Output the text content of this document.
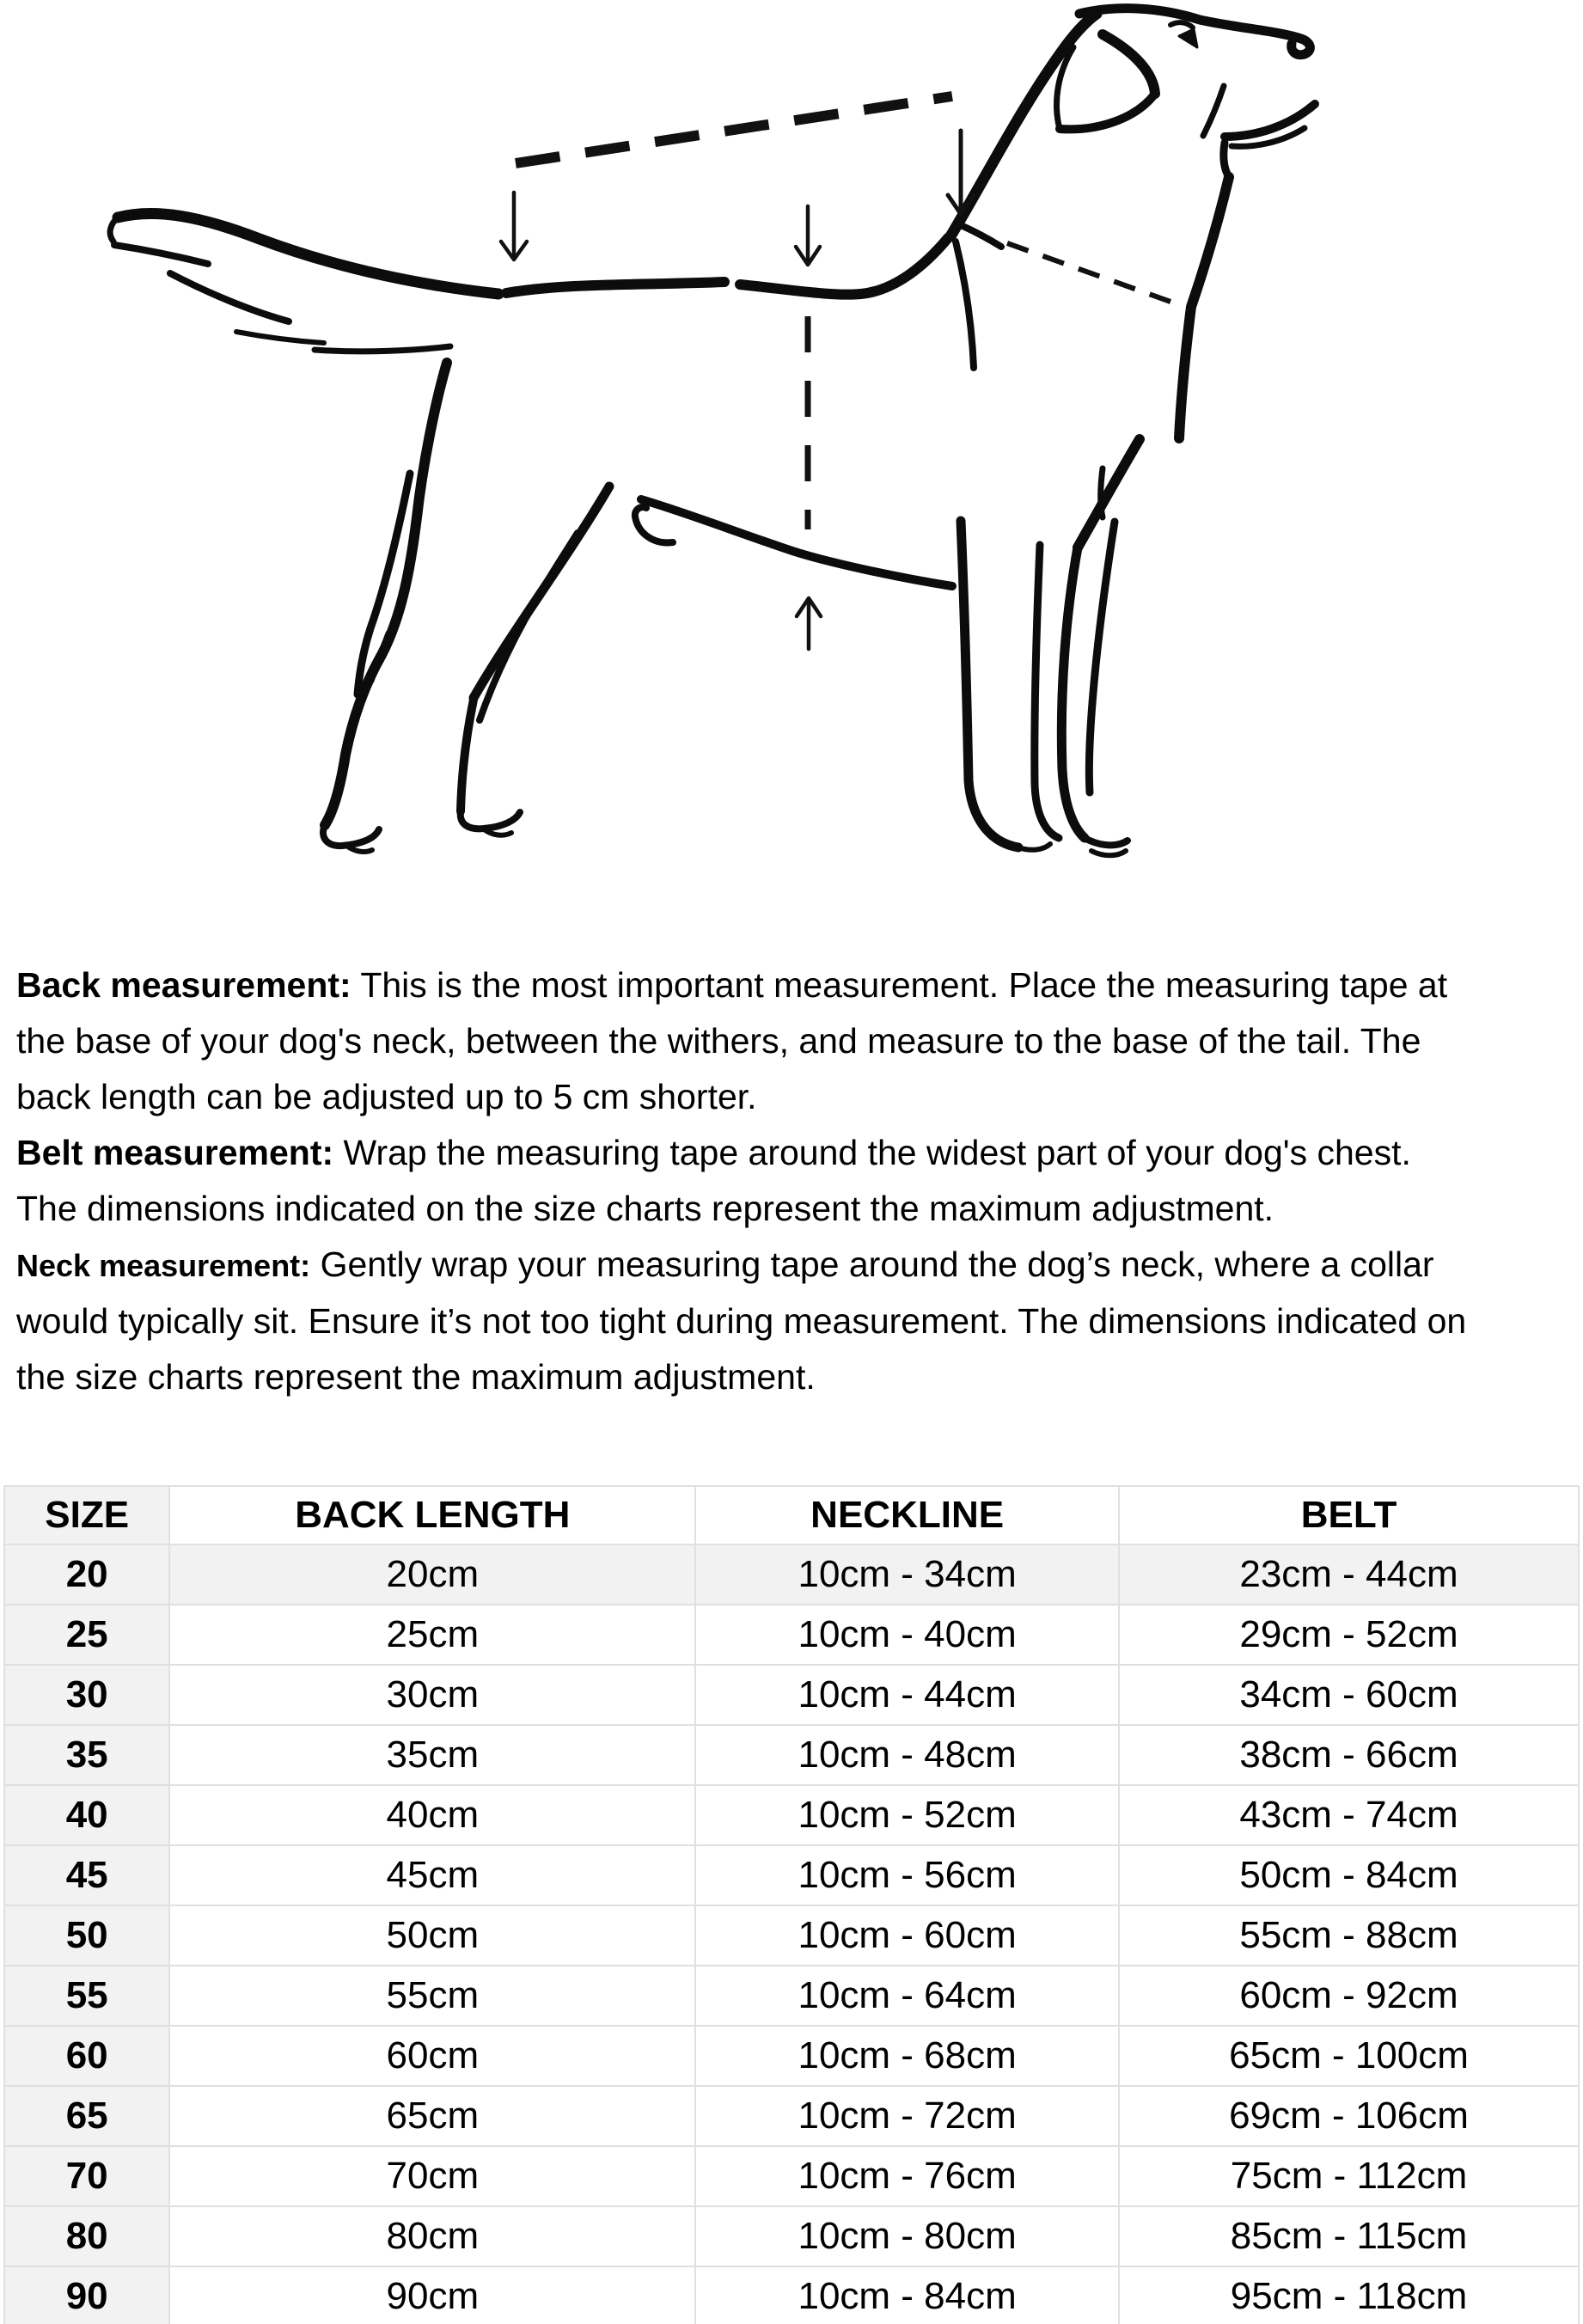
Back measurement: This is the most important measurement. Place the measuring tape at
the base of your dog's neck, between the withers, and measure to the base of the tail. The
back length can be adjusted up to 5 cm shorter.

Belt measurement: Wrap the measuring tape around the widest part of your dog's chest.
The dimensions indicated on the size charts represent the maximum adjustment.

Neck measurement: Gently wrap your measuring tape around the dog’s neck, where a collar
would typically sit. Ensure it’s not too tight during measurement. The dimensions indicated on
the size charts represent the maximum adjustment.

SIZE	BACK LENGTH	NECKLINE	BELT
20	20cm	10cm - 34cm	23cm - 44cm
25	25cm	10cm - 40cm	29cm - 52cm
30	30cm	10cm - 44cm	34cm - 60cm
35	35cm	10cm - 48cm	38cm - 66cm
40	40cm	10cm - 52cm	43cm - 74cm
45	45cm	10cm - 56cm	50cm - 84cm
50	50cm	10cm - 60cm	55cm - 88cm
55	55cm	10cm - 64cm	60cm - 92cm
60	60cm	10cm - 68cm	65cm - 100cm
65	65cm	10cm - 72cm	69cm - 106cm
70	70cm	10cm - 76cm	75cm - 112cm
80	80cm	10cm - 80cm	85cm - 115cm
90	90cm	10cm - 84cm	95cm - 118cm
